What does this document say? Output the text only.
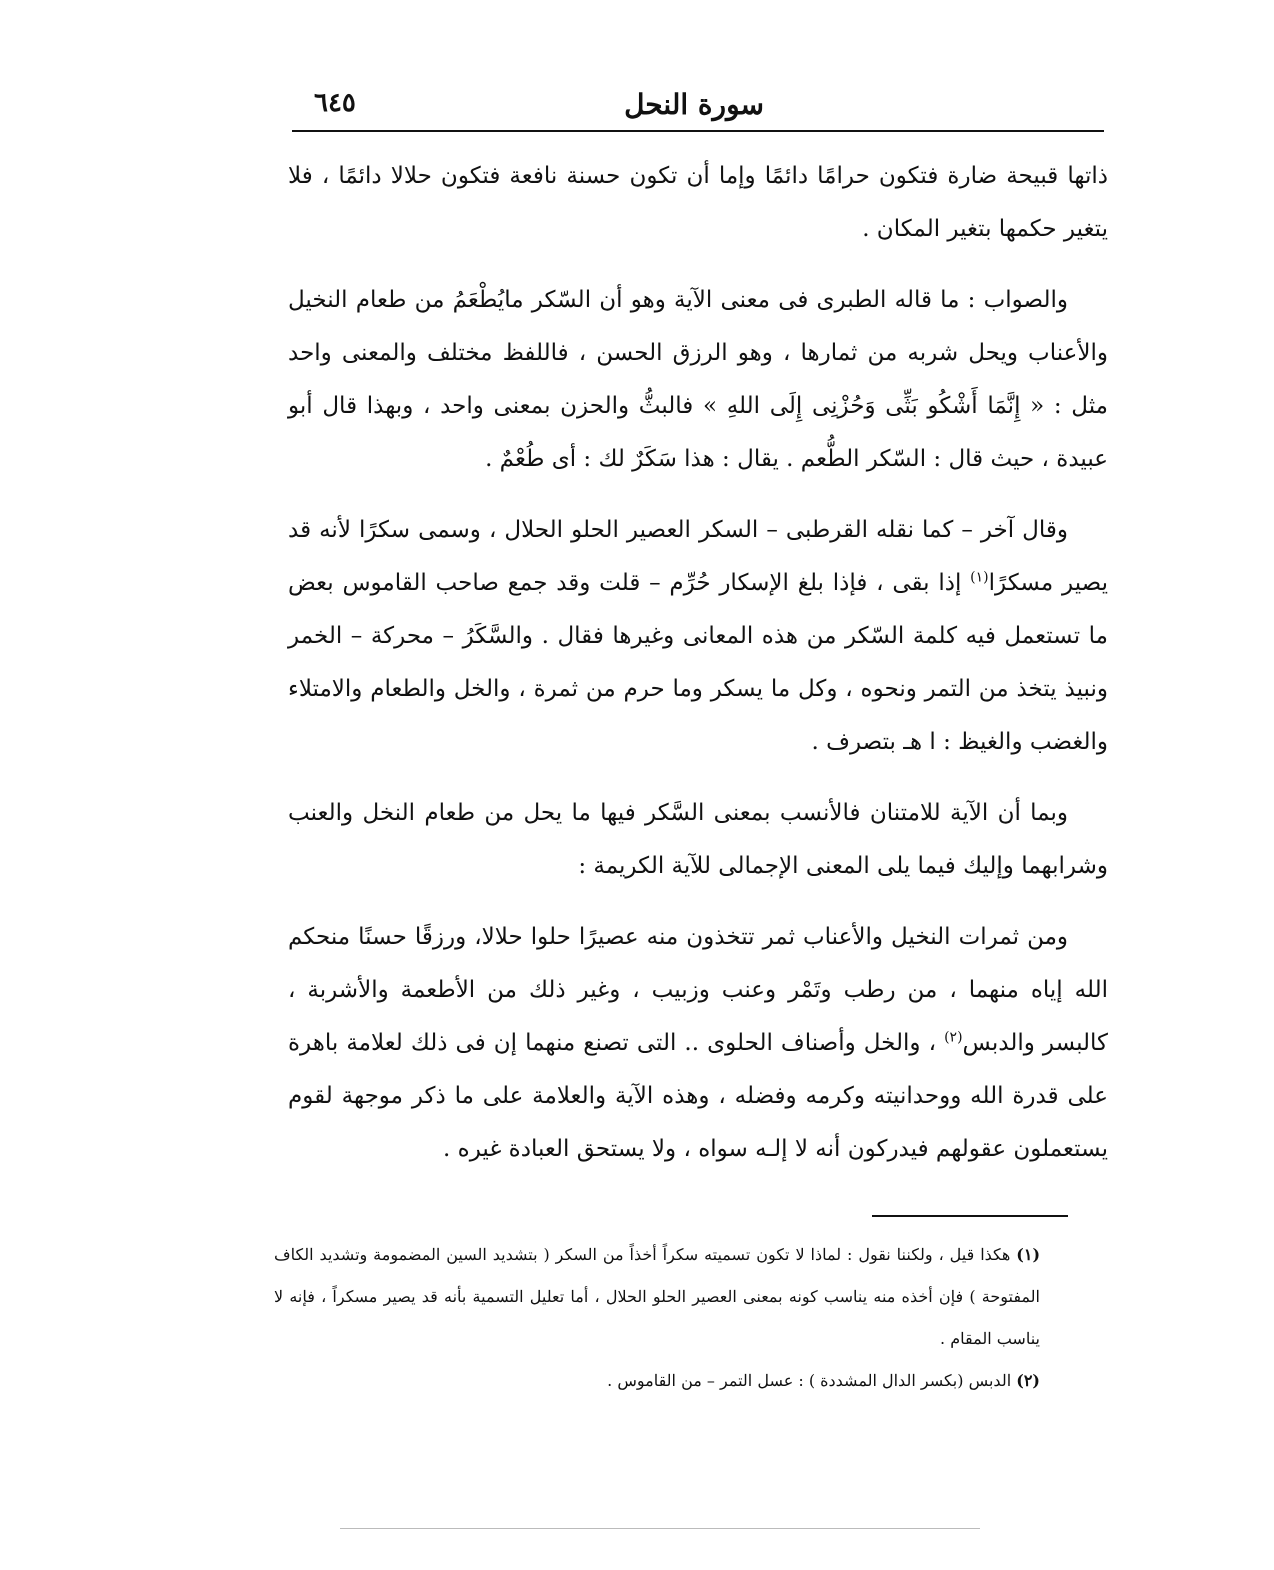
سورة النحل
٦٤٥

ذاتها قبيحة ضارة فتكون حرامًا دائمًا وإما أن تكون حسنة نافعة فتكون حلالا دائمًا ، فلا يتغير حكمها بتغير المكان .

والصواب : ما قاله الطبرى فى معنى الآية وهو أن السّكر مايُطْعَمُ من طعام النخيل والأعناب ويحل شربه من ثمارها ، وهو الرزق الحسن ، فاللفظ مختلف والمعنى واحد مثل : « إِنَّمَا أَشْكُو بَثِّى وَحُزْنِى إِلَى اللهِ » فالبثُّ والحزن بمعنى واحد ، وبهذا قال أبو عبيدة ، حيث قال : السّكر الطُّعم . يقال : هذا سَكَرٌ لك : أى طُعْمٌ .

وقال آخر – كما نقله القرطبى – السكر العصير الحلو الحلال ، وسمى سكرًا لأنه قد يصير مسكرًا$^{(١)}$ إذا بقى ، فإذا بلغ الإسكار حُرِّم – قلت وقد جمع صاحب القاموس بعض ما تستعمل فيه كلمة السّكر من هذه المعانى وغيرها فقال . والسَّكَرُ – محركة – الخمر ونبيذ يتخذ من التمر ونحوه ، وكل ما يسكر وما حرم من ثمرة ، والخل والطعام والامتلاء والغضب والغيظ : ا هـ بتصرف .

وبما أن الآية للامتنان فالأنسب بمعنى السَّكر فيها ما يحل من طعام النخل والعنب وشرابهما وإليك فيما يلى المعنى الإجمالى للآية الكريمة :

ومن ثمرات النخيل والأعناب ثمر تتخذون منه عصيرًا حلوا حلالا، ورزقًا حسنًا منحكم الله إياه منهما ، من رطب وتَمْر وعنب وزبيب ، وغير ذلك من الأطعمة والأشربة ، كالبسر والدبس$^{(٢)}$ ، والخل وأصناف الحلوى .. التى تصنع منهما إن فى ذلك لعلامة باهرة على قدرة الله ووحدانيته وكرمه وفضله ، وهذه الآية والعلامة على ما ذكر موجهة لقوم يستعملون عقولهم فيدركون أنه لا إلـه سواه ، ولا يستحق العبادة غيره .

(١) هكذا قيل ، ولكننا نقول : لماذا لا تكون تسميته سكراً أخذاً من السكر ( بتشديد السين المضمومة وتشديد الكاف المفتوحة ) فإن أخذه منه يناسب كونه بمعنى العصير الحلو الحلال ، أما تعليل التسمية بأنه قد يصير مسكراً ، فإنه لا يناسب المقام .

(٢) الدبس (بكسر الدال المشددة ) : عسل التمر – من القاموس .
